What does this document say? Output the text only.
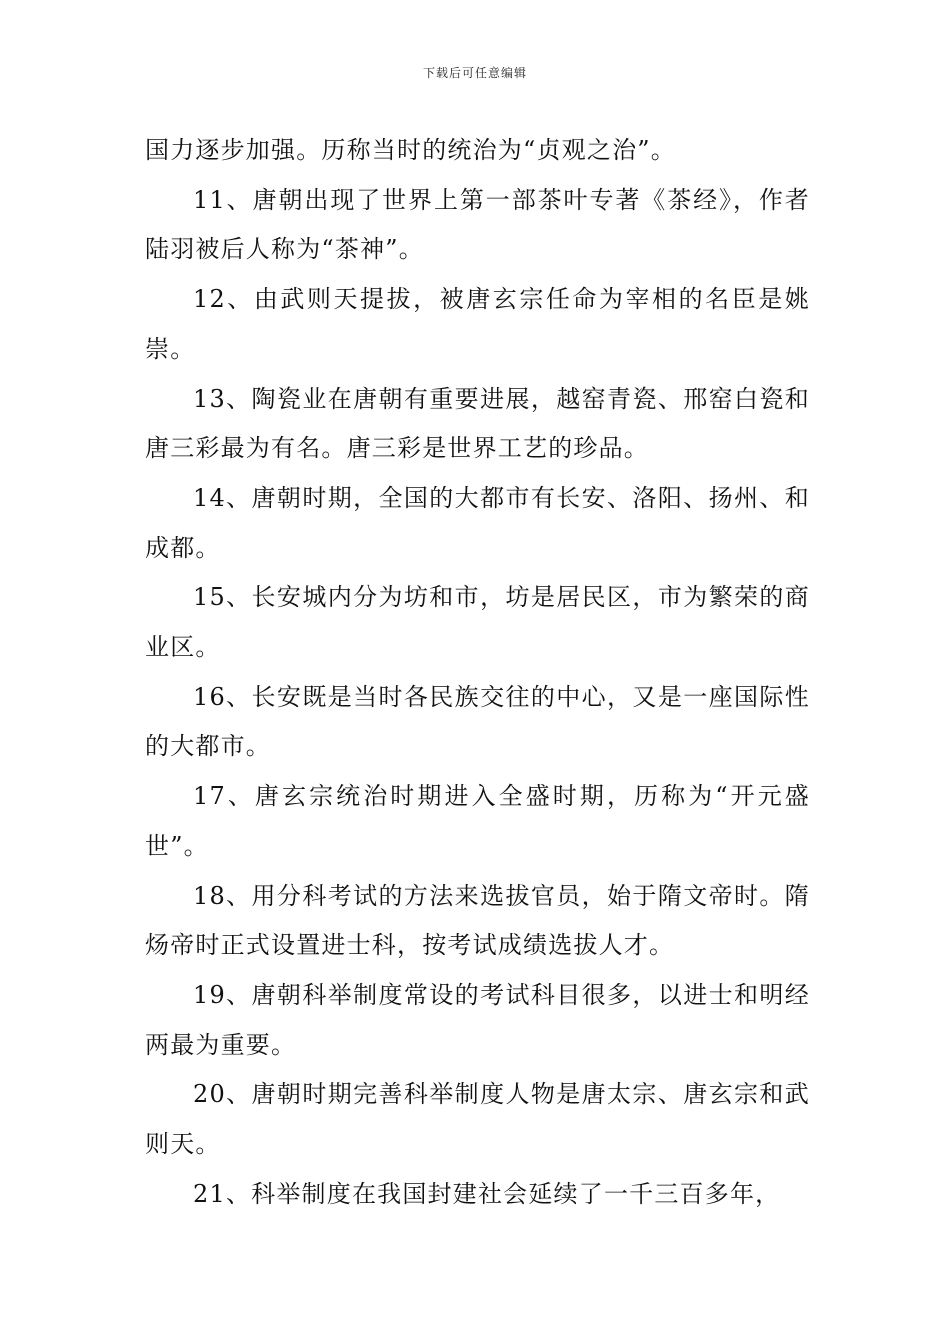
下载后可任意编辑

国力逐步加强。历称当时的统治为“贞观之治”。

11、唐朝出现了世界上第一部茶叶专著《茶经》，作者陆羽被后人称为“茶神”。

12、由武则天提拔，被唐玄宗任命为宰相的名臣是姚崇。

13、陶瓷业在唐朝有重要进展，越窑青瓷、邢窑白瓷和唐三彩最为有名。唐三彩是世界工艺的珍品。

14、唐朝时期，全国的大都市有长安、洛阳、扬州、和成都。

15、长安城内分为坊和市，坊是居民区，市为繁荣的商业区。

16、长安既是当时各民族交往的中心，又是一座国际性的大都市。

17、唐玄宗统治时期进入全盛时期，历称为“开元盛世”。

18、用分科考试的方法来选拔官员，始于隋文帝时。隋炀帝时正式设置进士科，按考试成绩选拔人才。

19、唐朝科举制度常设的考试科目很多，以进士和明经两最为重要。

20、唐朝时期完善科举制度人物是唐太宗、唐玄宗和武则天。

21、科举制度在我国封建社会延续了一千三百多年，
